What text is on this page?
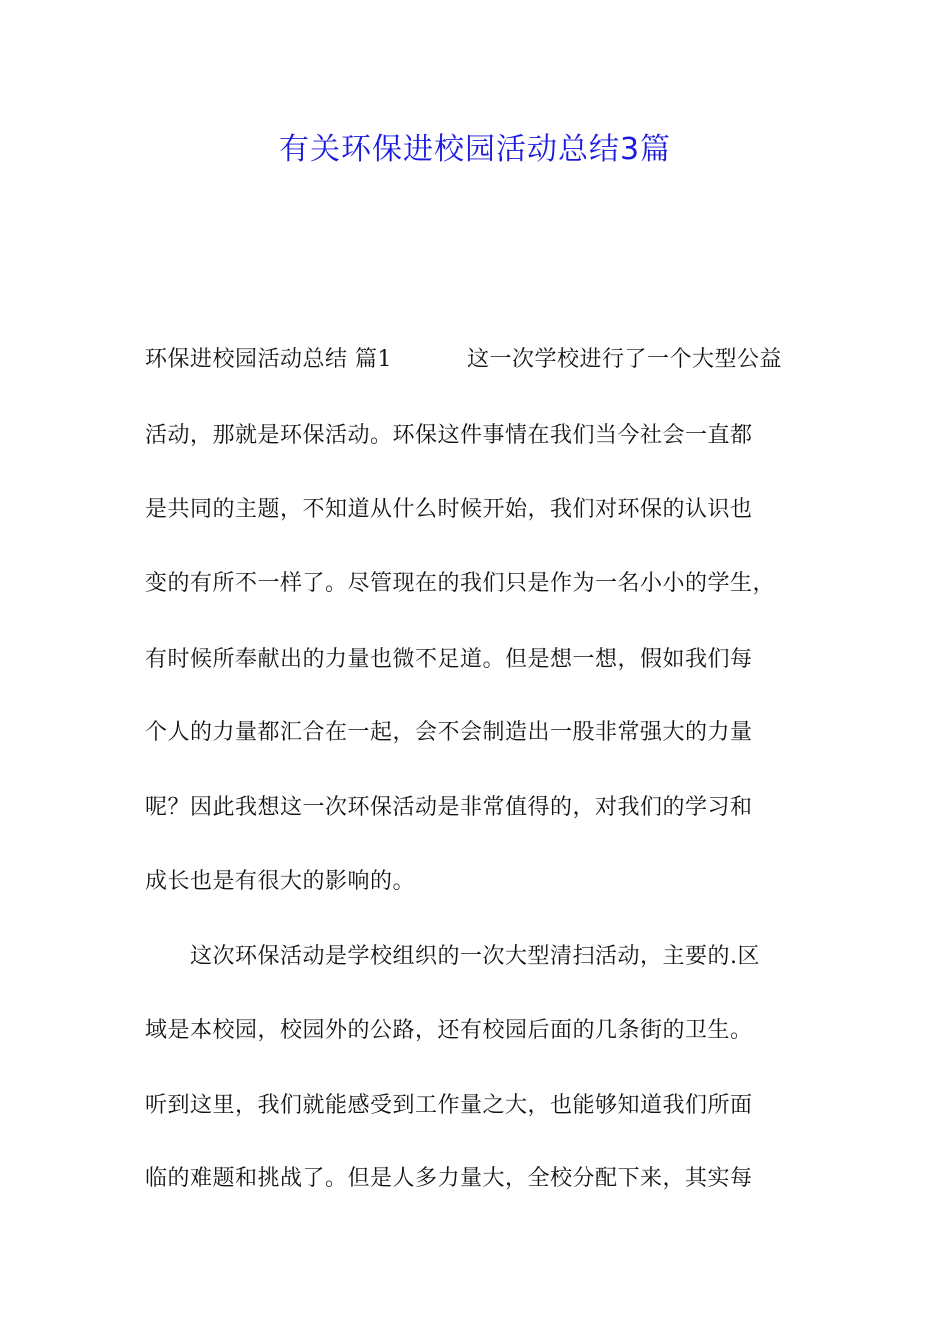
有关环保进校园活动总结3篇
环保进校园活动总结 篇1	这一次学校进行了一个大型公益
活动，那就是环保活动。环保这件事情在我们当今社会一直都
是共同的主题，不知道从什么时候开始，我们对环保的认识也
变的有所不一样了。尽管现在的我们只是作为一名小小的学生，
有时候所奉献出的力量也微不足道。但是想一想，假如我们每
个人的力量都汇合在一起，会不会制造出一股非常强大的力量
呢？因此我想这一次环保活动是非常值得的，对我们的学习和
成长也是有很大的影响的。
这次环保活动是学校组织的一次大型清扫活动，主要的.区
域是本校园，校园外的公路，还有校园后面的几条街的卫生。
听到这里，我们就能感受到工作量之大，也能够知道我们所面
临的难题和挑战了。但是人多力量大，全校分配下来，其实每
